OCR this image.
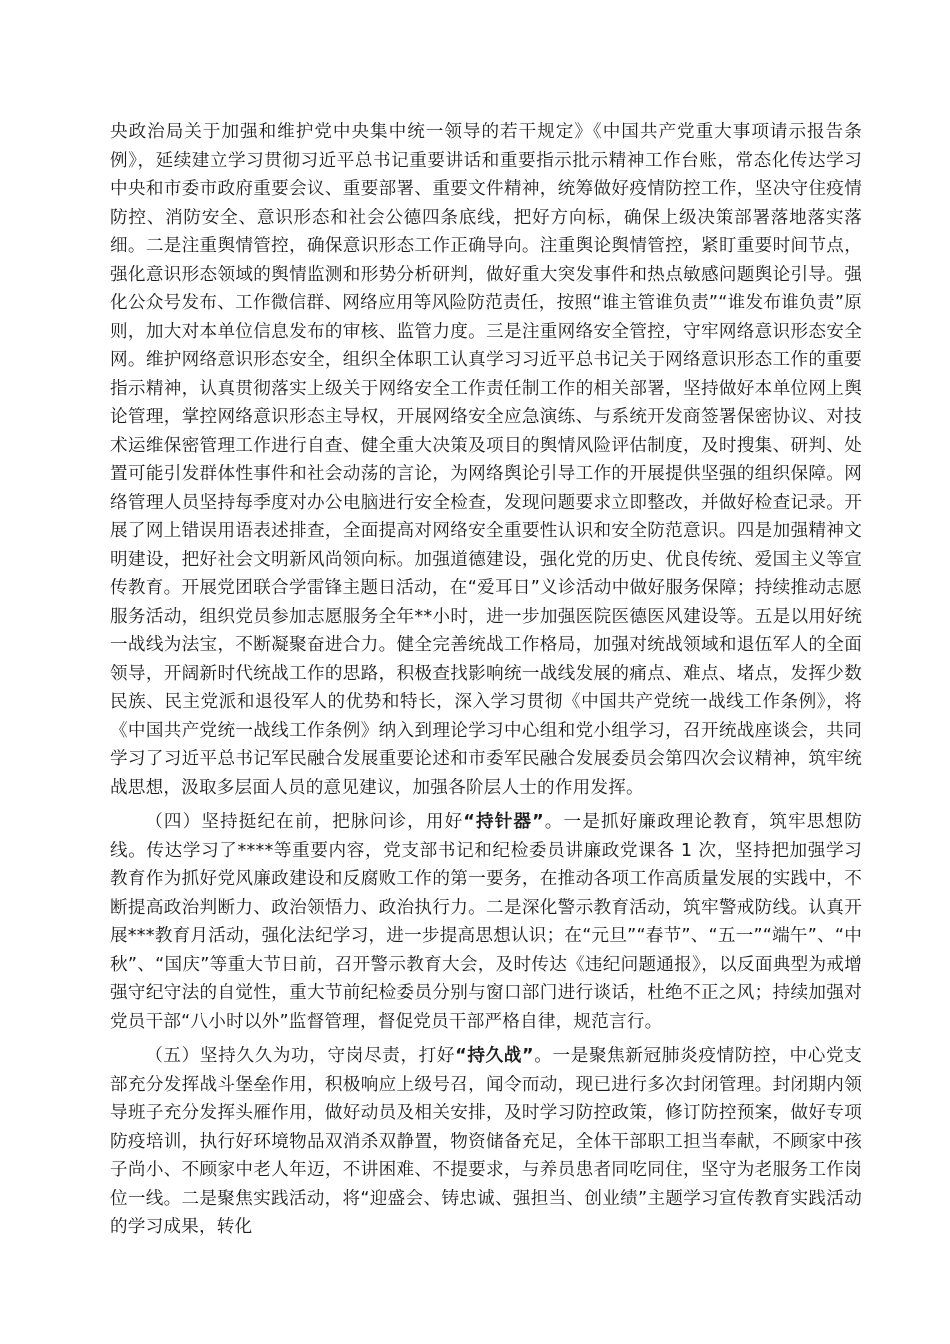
央政治局关于加强和维护党中央集中统一领导的若干规定》《中国共产党重大事项请示报告条例》，延续建立学习贯彻习近平总书记重要讲话和重要指示批示精神工作台账，常态化传达学习中央和市委市政府重要会议、重要部署、重要文件精神，统筹做好疫情防控工作，坚决守住疫情防控、消防安全、意识形态和社会公德四条底线，把好方向标，确保上级决策部署落地落实落细。二是注重舆情管控，确保意识形态工作正确导向。注重舆论舆情管控，紧盯重要时间节点，强化意识形态领域的舆情监测和形势分析研判，做好重大突发事件和热点敏感问题舆论引导。强化公众号发布、工作微信群、网络应用等风险防范责任，按照“谁主管谁负责”“谁发布谁负责”原则，加大对本单位信息发布的审核、监管力度。三是注重网络安全管控，守牢网络意识形态安全网。维护网络意识形态安全，组织全体职工认真学习习近平总书记关于网络意识形态工作的重要指示精神，认真贯彻落实上级关于网络安全工作责任制工作的相关部署，坚持做好本单位网上舆论管理，掌控网络意识形态主导权，开展网络安全应急演练、与系统开发商签署保密协议、对技术运维保密管理工作进行自查、健全重大决策及项目的舆情风险评估制度，及时搜集、研判、处置可能引发群体性事件和社会动荡的言论，为网络舆论引导工作的开展提供坚强的组织保障。网络管理人员坚持每季度对办公电脑进行安全检查，发现问题要求立即整改，并做好检查记录。开展了网上错误用语表述排查，全面提高对网络安全重要性认识和安全防范意识。四是加强精神文明建设，把好社会文明新风尚领向标。加强道德建设，强化党的历史、优良传统、爱国主义等宣传教育。开展党团联合学雷锋主题日活动，在“爱耳日”义诊活动中做好服务保障；持续推动志愿服务活动，组织党员参加志愿服务全年**小时，进一步加强医院医德医风建设等。五是以用好统一战线为法宝，不断凝聚奋进合力。健全完善统战工作格局，加强对统战领域和退伍军人的全面领导，开阔新时代统战工作的思路，积极查找影响统一战线发展的痛点、难点、堵点，发挥少数民族、民主党派和退役军人的优势和特长，深入学习贯彻《中国共产党统一战线工作条例》，将《中国共产党统一战线工作条例》纳入到理论学习中心组和党小组学习，召开统战座谈会，共同学习了习近平总书记军民融合发展重要论述和市委军民融合发展委员会第四次会议精神，筑牢统战思想，汲取多层面人员的意见建议，加强各阶层人士的作用发挥。

（四）坚持挺纪在前，把脉问诊，用好“持针器”。一是抓好廉政理论教育，筑牢思想防线。传达学习了****等重要内容，党支部书记和纪检委员讲廉政党课各 1 次，坚持把加强学习教育作为抓好党风廉政建设和反腐败工作的第一要务，在推动各项工作高质量发展的实践中，不断提高政治判断力、政治领悟力、政治执行力。二是深化警示教育活动，筑牢警戒防线。认真开展***教育月活动，强化法纪学习，进一步提高思想认识；在“元旦”“春节”、“五一”“端午”、“中秋”、“国庆”等重大节日前，召开警示教育大会，及时传达《违纪问题通报》，以反面典型为戒增强守纪守法的自觉性，重大节前纪检委员分别与窗口部门进行谈话，杜绝不正之风；持续加强对党员干部“八小时以外”监督管理，督促党员干部严格自律，规范言行。

（五）坚持久久为功，守岗尽责，打好“持久战”。一是聚焦新冠肺炎疫情防控，中心党支部充分发挥战斗堡垒作用，积极响应上级号召，闻令而动，现已进行多次封闭管理。封闭期内领导班子充分发挥头雁作用，做好动员及相关安排，及时学习防控政策，修订防控预案，做好专项防疫培训，执行好环境物品双消杀双静置，物资储备充足，全体干部职工担当奉献，不顾家中孩子尚小、不顾家中老人年迈，不讲困难、不提要求，与养员患者同吃同住，坚守为老服务工作岗位一线。二是聚焦实践活动，将“迎盛会、铸忠诚、强担当、创业绩”主题学习宣传教育实践活动的学习成果，转化
